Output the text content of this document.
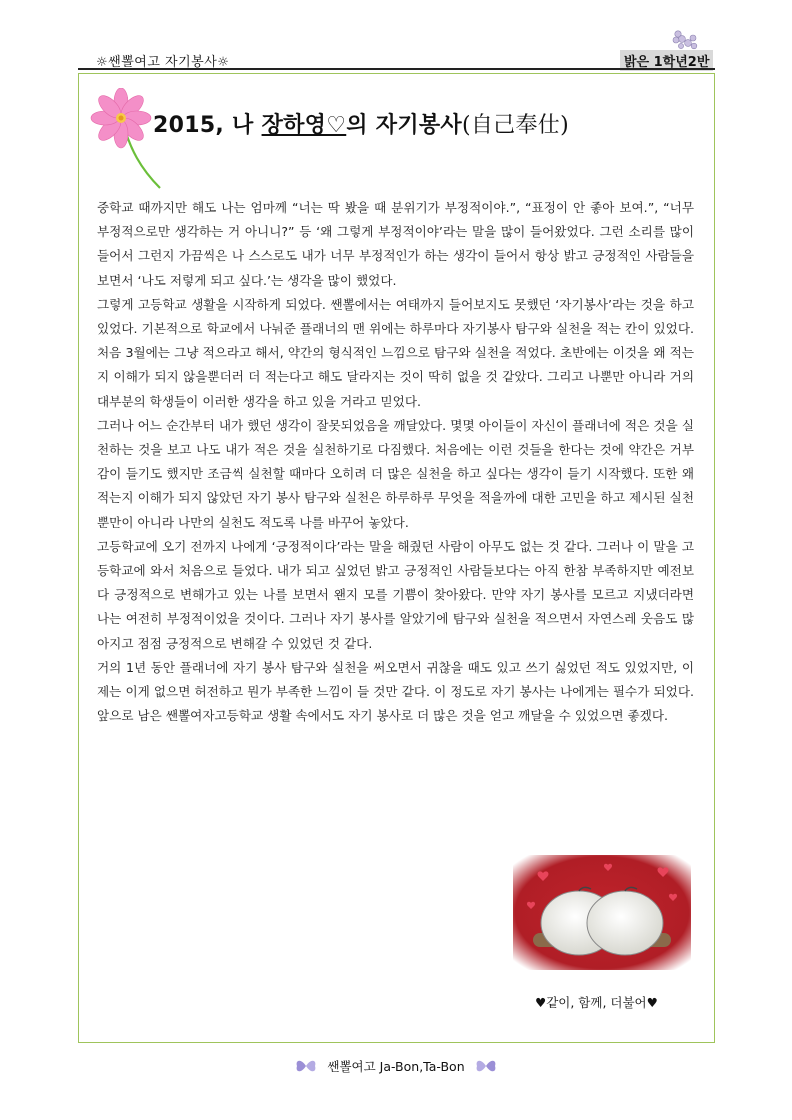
☼쌘뽈여고 자기봉사☼	밝은 1학년2반
2015, 나 장하영♡의 자기봉사(自己奉仕)

중학교 때까지만 해도 나는 엄마께 “너는 딱 봤을 때 분위기가 부정적이야.”, “표정이 안 좋아 보여.”, “너무 부정적으로만 생각하는 거 아니니?” 등 ‘왜 그렇게 부정적이야’라는 말을 많이 들어왔었다. 그런 소리를 많이 들어서 그런지 가끔씩은 나 스스로도 내가 너무 부정적인가 하는 생각이 들어서 항상 밝고 긍정적인 사람들을 보면서 ‘나도 저렇게 되고 싶다.’는 생각을 많이 했었다.

그렇게 고등학교 생활을 시작하게 되었다. 쌘뽈에서는 여태까지 들어보지도 못했던 ‘자기봉사’라는 것을 하고 있었다. 기본적으로 학교에서 나눠준 플래너의 맨 위에는 하루마다 자기봉사 탐구와 실천을 적는 칸이 있었다. 처음 3월에는 그냥 적으라고 해서, 약간의 형식적인 느낌으로 탐구와 실천을 적었다. 초반에는 이것을 왜 적는지 이해가 되지 않을뿐더러 더 적는다고 해도 달라지는 것이 딱히 없을 것 같았다. 그리고 나뿐만 아니라 거의 대부분의 학생들이 이러한 생각을 하고 있을 거라고 믿었다.

그러나 어느 순간부터 내가 했던 생각이 잘못되었음을 깨달았다. 몇몇 아이들이 자신이 플래너에 적은 것을 실천하는 것을 보고 나도 내가 적은 것을 실천하기로 다짐했다. 처음에는 이런 것들을 한다는 것에 약간은 거부감이 들기도 했지만 조금씩 실천할 때마다 오히려 더 많은 실천을 하고 싶다는 생각이 들기 시작했다. 또한 왜 적는지 이해가 되지 않았던 자기 봉사 탐구와 실천은 하루하루 무엇을 적을까에 대한 고민을 하고 제시된 실천뿐만이 아니라 나만의 실천도 적도록 나를 바꾸어 놓았다.

고등학교에 오기 전까지 나에게 ‘긍정적이다’라는 말을 해줬던 사람이 아무도 없는 것 같다. 그러나 이 말을 고등학교에 와서 처음으로 들었다. 내가 되고 싶었던 밝고 긍정적인 사람들보다는 아직 한참 부족하지만 예전보다 긍정적으로 변해가고 있는 나를 보면서 왠지 모를 기쁨이 찾아왔다. 만약 자기 봉사를 모르고 지냈더라면 나는 여전히 부정적이었을 것이다. 그러나 자기 봉사를 알았기에 탐구와 실천을 적으면서 자연스레 웃음도 많아지고 점점 긍정적으로 변해갈 수 있었던 것 같다.

거의 1년 동안 플래너에 자기 봉사 탐구와 실천을 써오면서 귀찮을 때도 있고 쓰기 싫었던 적도 있었지만, 이제는 이게 없으면 허전하고 뭔가 부족한 느낌이 들 것만 같다. 이 정도로 자기 봉사는 나에게는 필수가 되었다. 앞으로 남은 쌘뽈여자고등학교 생활 속에서도 자기 봉사로 더 많은 것을 얻고 깨달을 수 있었으면 좋겠다.

♥같이, 함께, 더불어♥
쌘뽈여고 Ja-Bon,Ta-Bon
